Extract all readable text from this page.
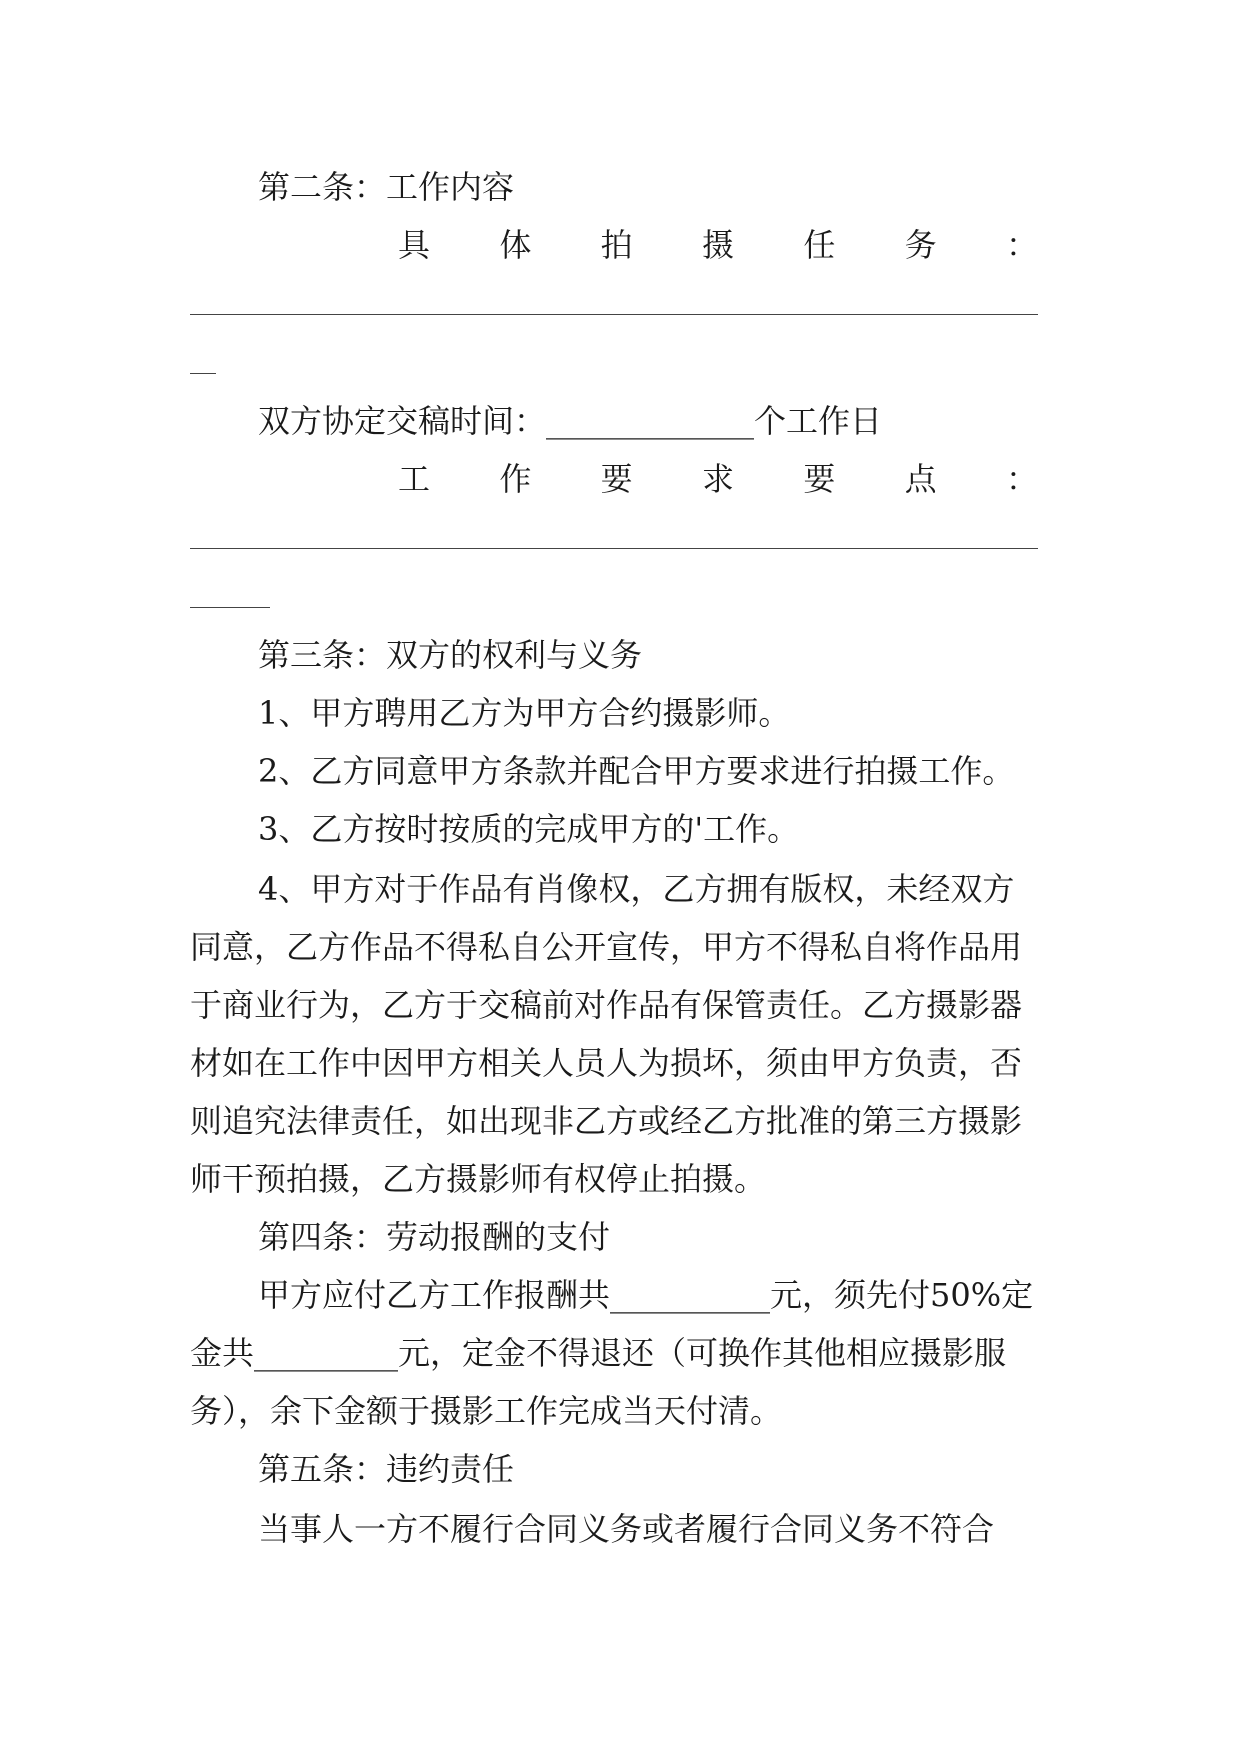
第二条：工作内容
具 体 拍 摄 任 务 ：
双方协定交稿时间：_____________个工作日
工 作 要 求 要 点 ：
第三条：双方的权利与义务
1、甲方聘用乙方为甲方合约摄影师。
2、乙方同意甲方条款并配合甲方要求进行拍摄工作。
3、乙方按时按质的完成甲方的'工作。
4、甲方对于作品有肖像权，乙方拥有版权，未经双方
同意，乙方作品不得私自公开宣传，甲方不得私自将作品用
于商业行为，乙方于交稿前对作品有保管责任。乙方摄影器
材如在工作中因甲方相关人员人为损坏，须由甲方负责，否
则追究法律责任，如出现非乙方或经乙方批准的第三方摄影
师干预拍摄，乙方摄影师有权停止拍摄。
第四条：劳动报酬的支付
甲方应付乙方工作报酬共__________元，须先付50%定
金共_________元，定金不得退还（可换作其他相应摄影服
务），余下金额于摄影工作完成当天付清。
第五条：违约责任
当事人一方不履行合同义务或者履行合同义务不符合
